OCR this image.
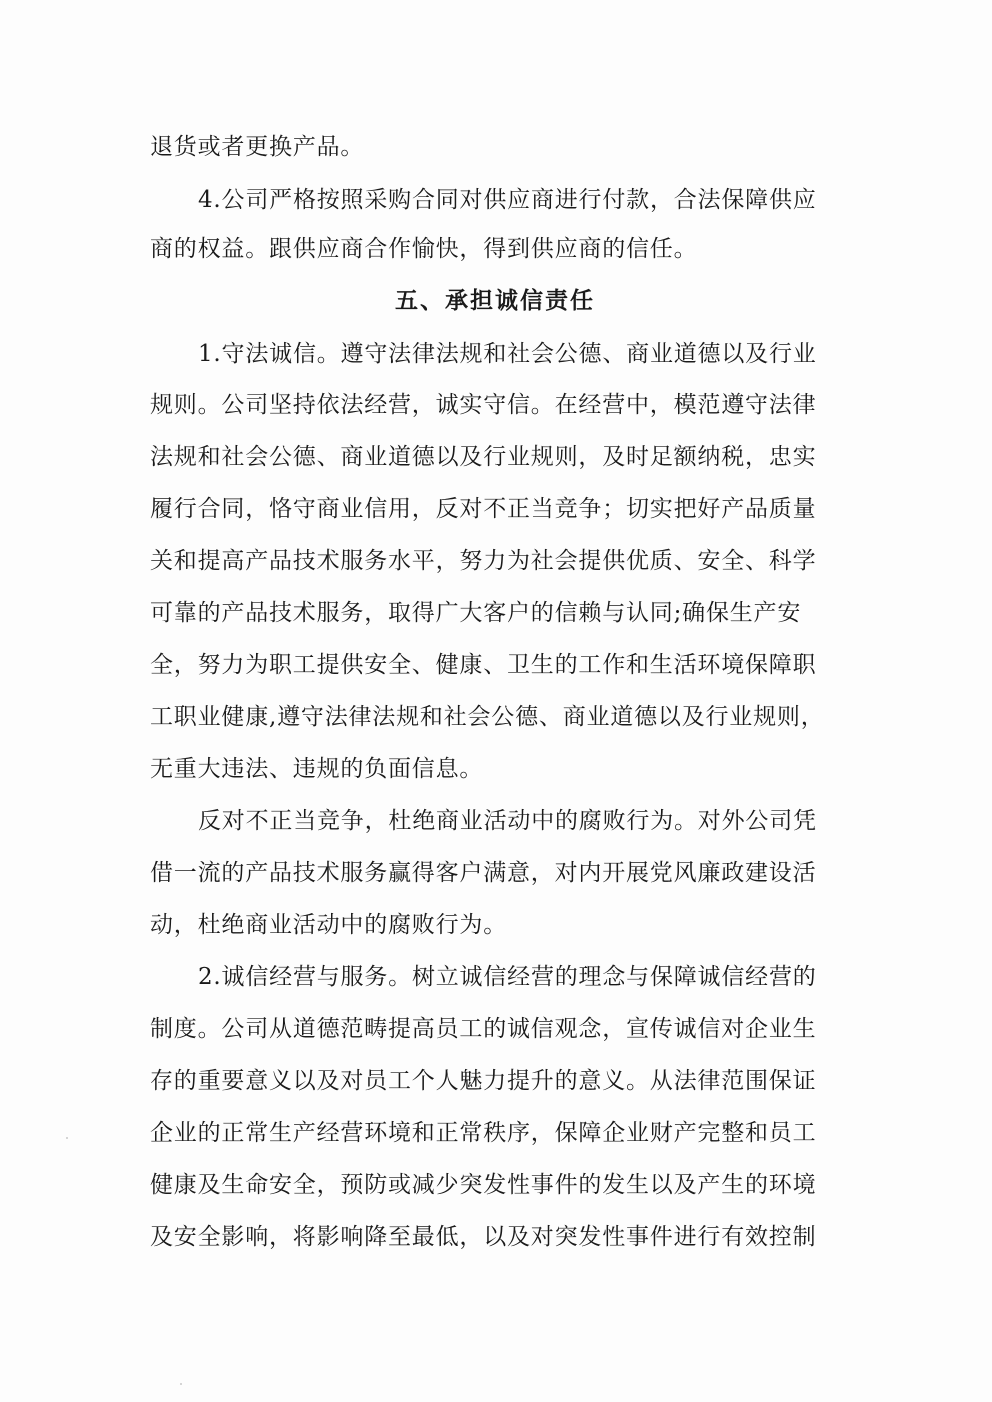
退货或者更换产品。
4.公司严格按照采购合同对供应商进行付款，合法保障供应
商的权益。跟供应商合作愉快，得到供应商的信任。
五、承担诚信责任
1.守法诚信。遵守法律法规和社会公德、商业道德以及行业
规则。公司坚持依法经营，诚实守信。在经营中，模范遵守法律
法规和社会公德、商业道德以及行业规则，及时足额纳税，忠实
履行合同，恪守商业信用，反对不正当竞争；切实把好产品质量
关和提高产品技术服务水平，努力为社会提供优质、安全、科学
可靠的产品技术服务，取得广大客户的信赖与认同;确保生产安
全，努力为职工提供安全、健康、卫生的工作和生活环境保障职
工职业健康,遵守法律法规和社会公德、商业道德以及行业规则，
无重大违法、违规的负面信息。
反对不正当竞争，杜绝商业活动中的腐败行为。对外公司凭
借一流的产品技术服务赢得客户满意，对内开展党风廉政建设活
动，杜绝商业活动中的腐败行为。
2.诚信经营与服务。树立诚信经营的理念与保障诚信经营的
制度。公司从道德范畴提高员工的诚信观念，宣传诚信对企业生
存的重要意义以及对员工个人魅力提升的意义。从法律范围保证
企业的正常生产经营环境和正常秩序，保障企业财产完整和员工
健康及生命安全，预防或减少突发性事件的发生以及产生的环境
及安全影响，将影响降至最低，以及对突发性事件进行有效控制
